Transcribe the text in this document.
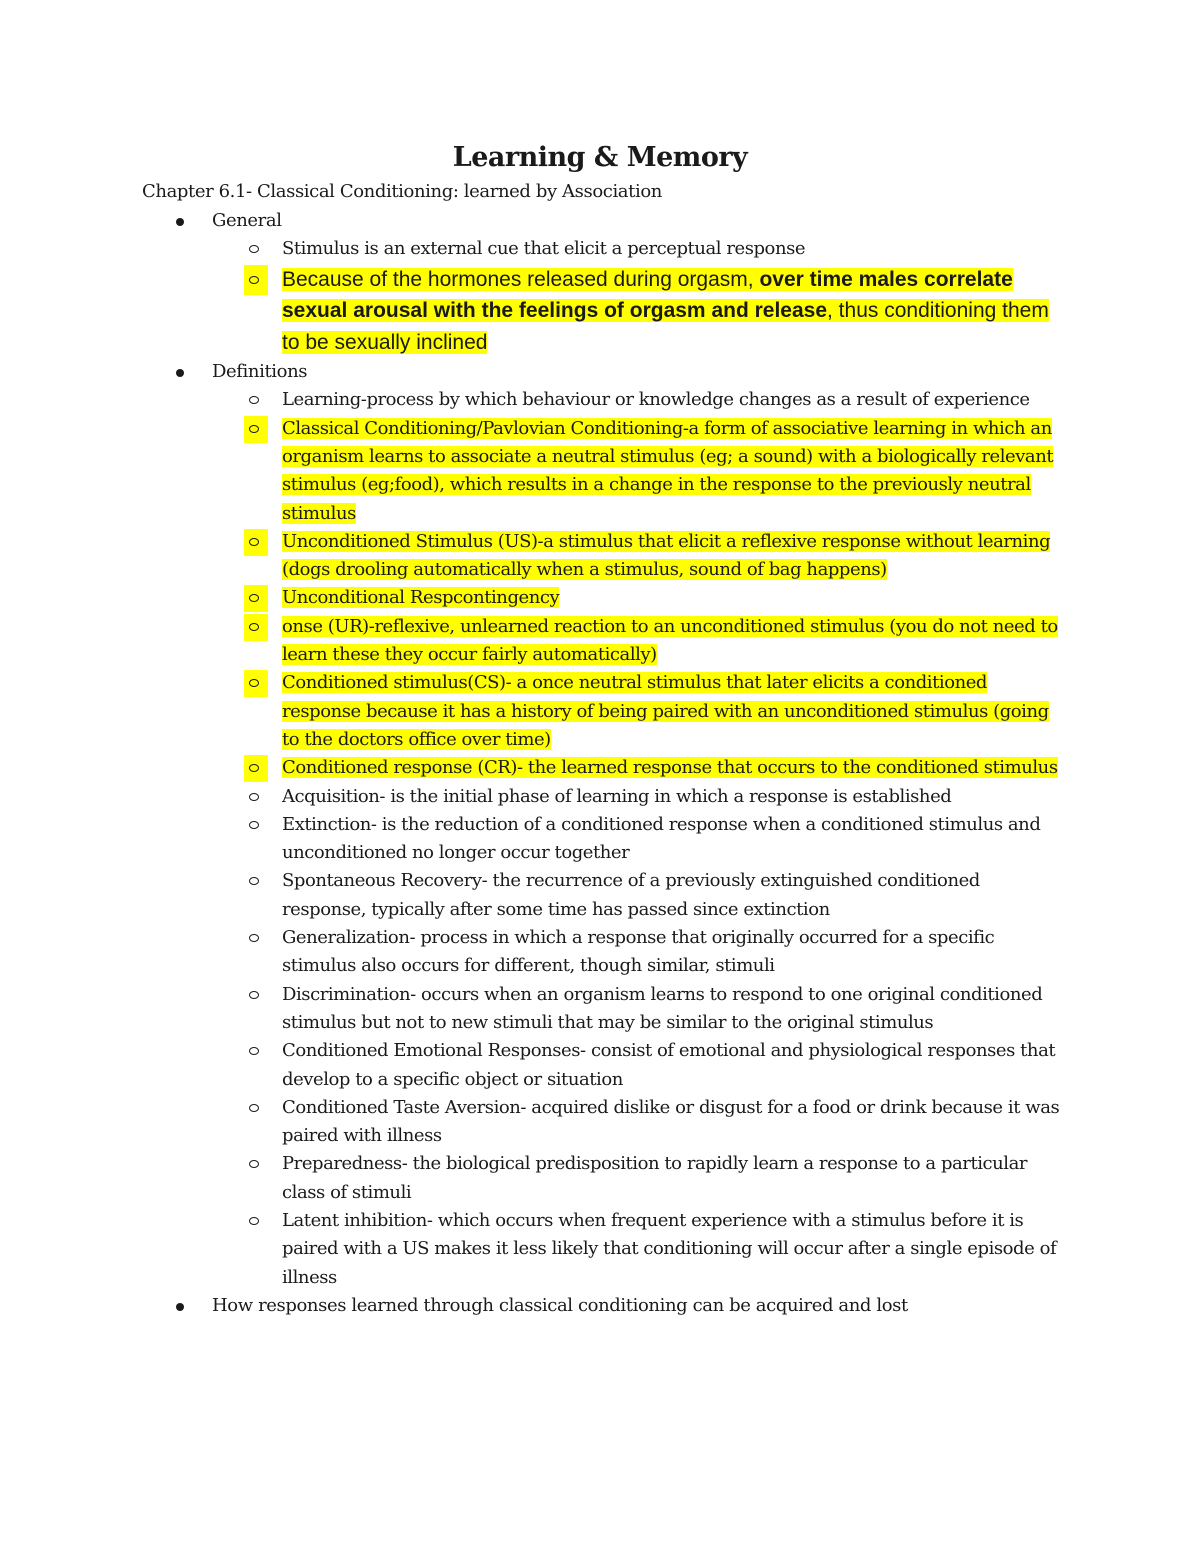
Learning & Memory
Chapter 6.1- Classical Conditioning: learned by Association
General
Stimulus is an external cue that elicit a perceptual response
Because of the hormones released during orgasm, over time males correlate sexual arousal with the feelings of orgasm and release, thus conditioning them to be sexually inclined
Definitions
Learning-process by which behaviour or knowledge changes as a result of experience
Classical Conditioning/Pavlovian Conditioning-a form of associative learning in which an organism learns to associate a neutral stimulus (eg; a sound) with a biologically relevant stimulus (eg;food), which results in a change in the response to the previously neutral stimulus
Unconditioned Stimulus (US)-a stimulus that elicit a reflexive response without learning (dogs drooling automatically when a stimulus, sound of bag happens)
Unconditional Respcontingency
onse (UR)-reflexive, unlearned reaction to an unconditioned stimulus (you do not need to learn these they occur fairly automatically)
Conditioned stimulus(CS)- a once neutral stimulus that later elicits a conditioned response because it has a history of being paired with an unconditioned stimulus (going to the doctors office over time)
Conditioned response (CR)- the learned response that occurs to the conditioned stimulus
Acquisition- is the initial phase of learning in which a response is established
Extinction- is the reduction of a conditioned response when a conditioned stimulus and unconditioned no longer occur together
Spontaneous Recovery- the recurrence of a previously extinguished conditioned response, typically after some time has passed since extinction
Generalization- process in which a response that originally occurred for a specific stimulus also occurs for different, though similar, stimuli
Discrimination- occurs when an organism learns to respond to one original conditioned stimulus but not to new stimuli that may be similar to the original stimulus
Conditioned Emotional Responses- consist of emotional and physiological responses that develop to a specific object or situation
Conditioned Taste Aversion- acquired dislike or disgust for a food or drink because it was paired with illness
Preparedness- the biological predisposition to rapidly learn a response to a particular class of stimuli
Latent inhibition- which occurs when frequent experience with a stimulus before it is paired with a US makes it less likely that conditioning will occur after a single episode of illness
How responses learned through classical conditioning can be acquired and lost
